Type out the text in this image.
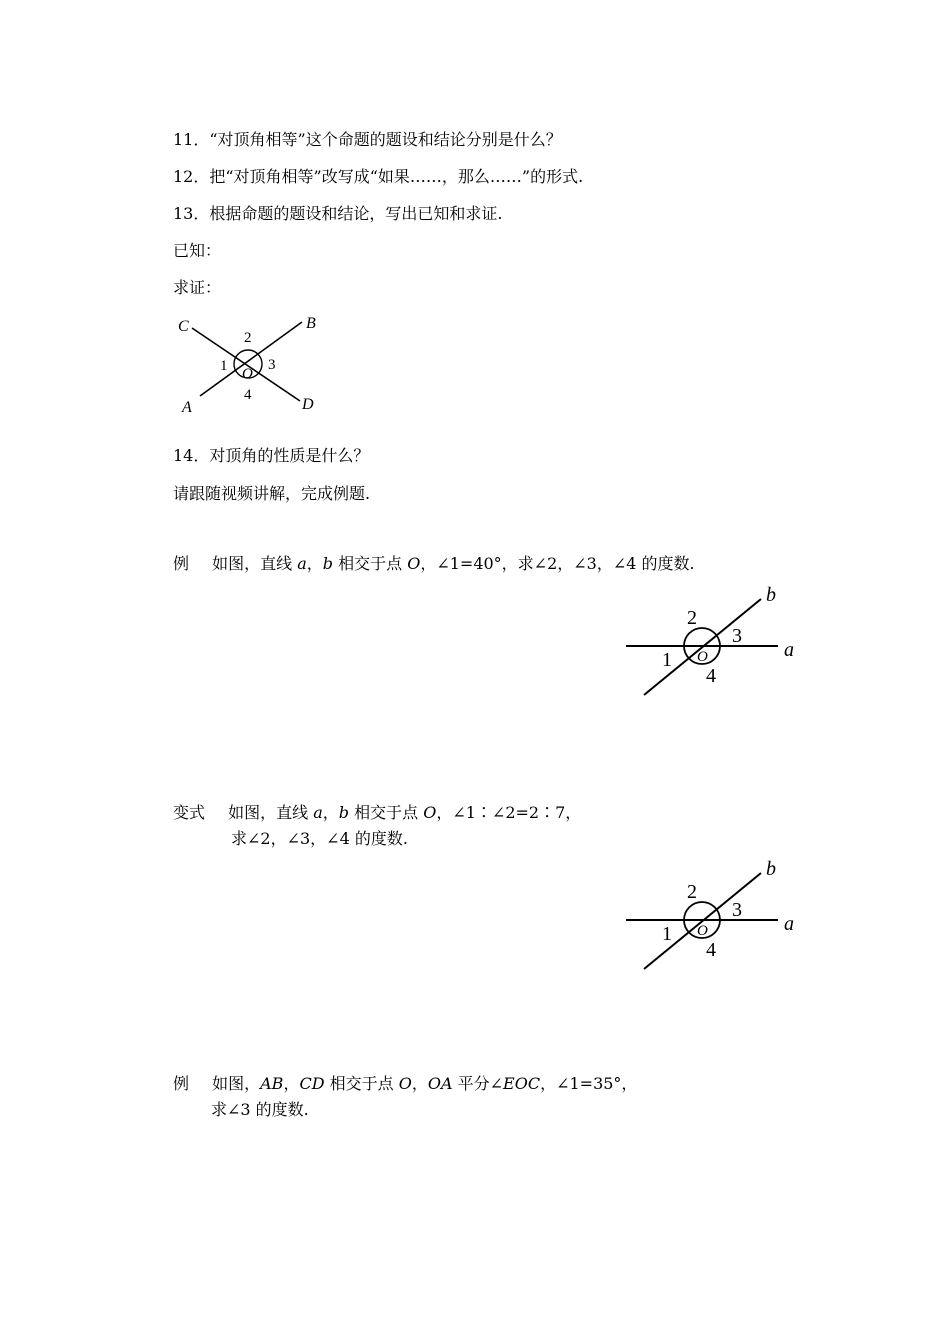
11．“对顶角相等”这个命题的题设和结论分别是什么？
12．把“对顶角相等”改写成“如果……，那么……”的形式.
13．根据命题的题设和结论，写出已知和求证.
已知：
求证：
C	B
A	D
O
1
2
3
4
14．对顶角的性质是什么？
请跟随视频讲解，完成例题.
例 如图，直线 a，b 相交于点 O，∠1=40°，求∠2，∠3，∠4 的度数.
b
a
O
1
2
3
4
变式 如图，直线 a，b 相交于点 O，∠1∶∠2=2∶7，
求∠2，∠3，∠4 的度数.
b
a
O
1
2
3
4
例 如图，AB，CD 相交于点 O，OA 平分∠EOC，∠1=35°，
求∠3 的度数.
